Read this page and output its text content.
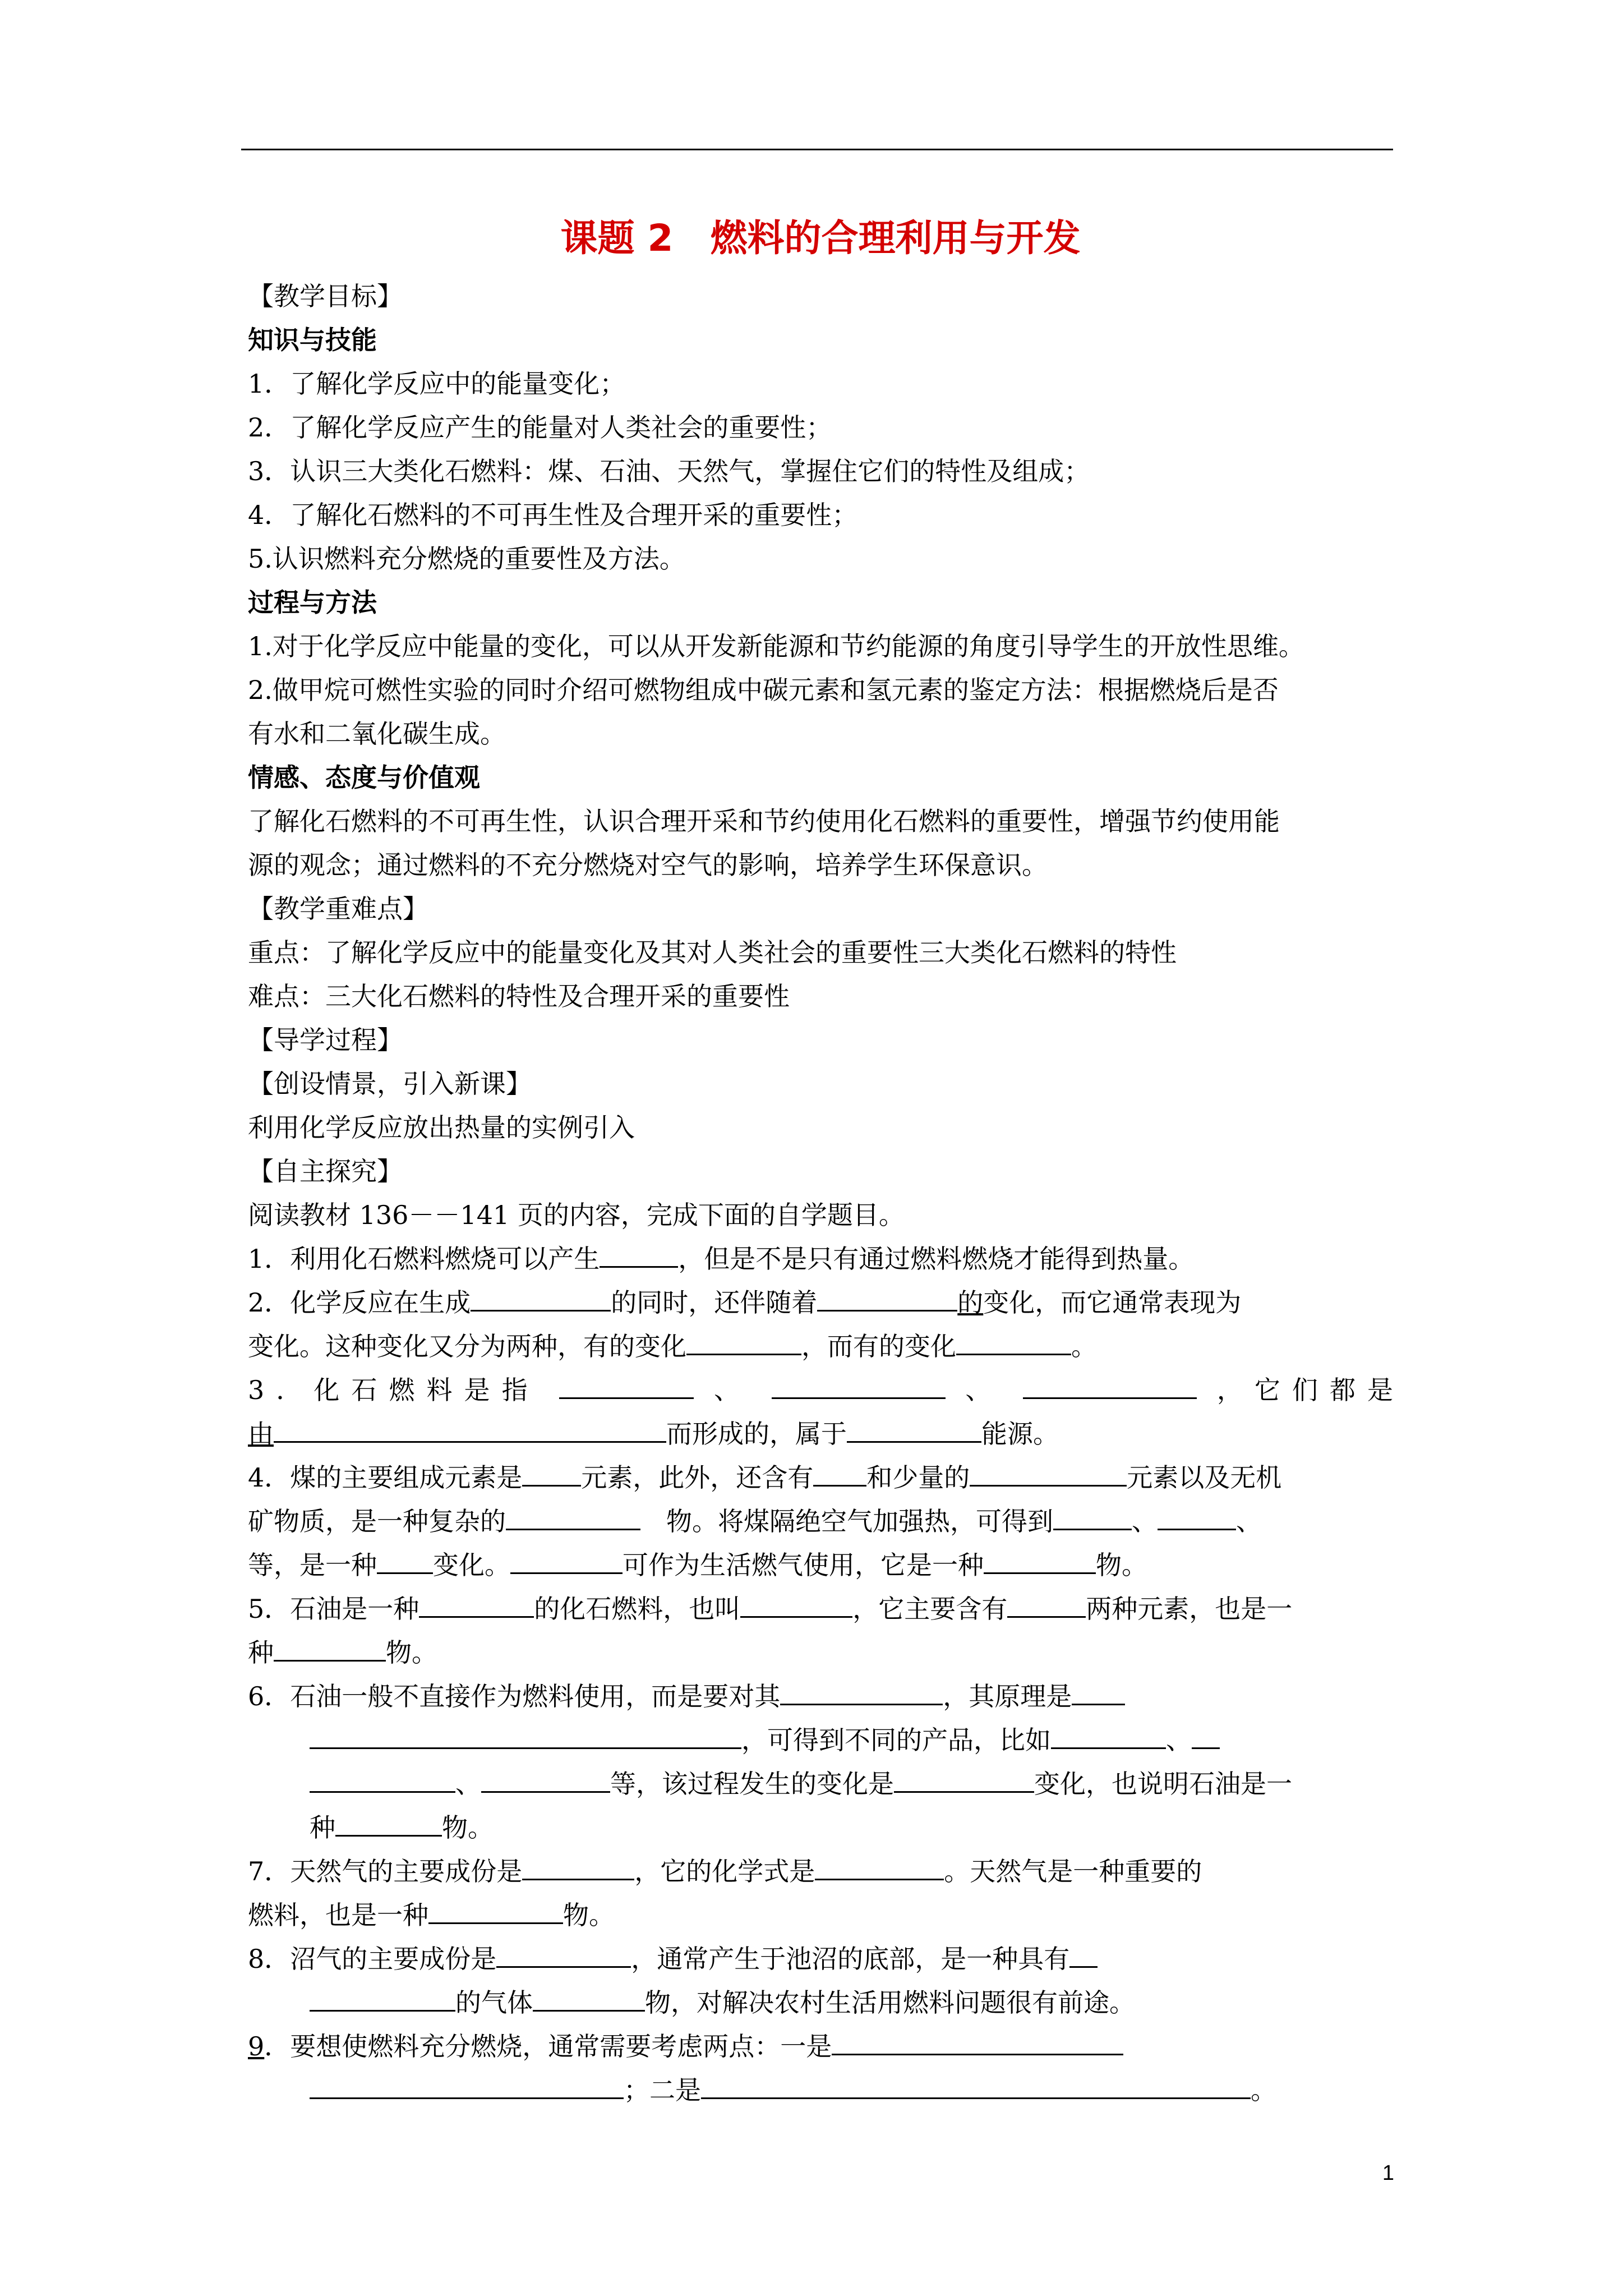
课题 2　燃料的合理利用与开发
【教学目标】
知识与技能
1．了解化学反应中的能量变化；
2．了解化学反应产生的能量对人类社会的重要性；
3．认识三大类化石燃料：煤、石油、天然气，掌握住它们的特性及组成；
4．了解化石燃料的不可再生性及合理开采的重要性；
5.认识燃料充分燃烧的重要性及方法。
过程与方法
1.对于化学反应中能量的变化，可以从开发新能源和节约能源的角度引导学生的开放性思维。
2.做甲烷可燃性实验的同时介绍可燃物组成中碳元素和氢元素的鉴定方法：根据燃烧后是否
有水和二氧化碳生成。
情感、态度与价值观
了解化石燃料的不可再生性，认识合理开采和节约使用化石燃料的重要性，增强节约使用能
源的观念；通过燃料的不充分燃烧对空气的影响，培养学生环保意识。
【教学重难点】
重点：了解化学反应中的能量变化及其对人类社会的重要性三大类化石燃料的特性
难点：三大化石燃料的特性及合理开采的重要性
【导学过程】
【创设情景，引入新课】
利用化学反应放出热量的实例引入
【自主探究】
阅读教材 136－－141 页的内容，完成下面的自学题目。
1．利用化石燃料燃烧可以产生	，但是不是只有通过燃料燃烧才能得到热量。
2．化学反应在生成	的同时，还伴随着	的变化，而它通常表现为
变化。这种变化又分为两种，有的变化	，而有的变化	。
3．化石燃料是指	、	、	，它们都是
由	而形成的，属于	能源。
4．煤的主要组成元素是 元素，此外，还含有 和少量的	元素以及无机
矿物质，是一种复杂的　	物。将煤隔绝空气加强热，可得到	、	、
等，是一种 变化。	可作为生活燃气使用，它是一种	物。
5．石油是一种	的化石燃料，也叫	，它主要含有	两种元素，也是一
种	物。
6．石油一般不直接作为燃料使用，而是要对其	，其原理是
，可得到不同的产品，比如	、
、	等，该过程发生的变化是	变化，也说明石油是一
种	物。
7．天然气的主要成份是	，它的化学式是	。天然气是一种重要的
燃料，也是一种	物。
8．沼气的主要成份是	，通常产生于池沼的底部，是一种具有
的气体	物，对解决农村生活用燃料问题很有前途。
9．要想使燃料充分燃烧，通常需要考虑两点：一是
；二是	。
1
